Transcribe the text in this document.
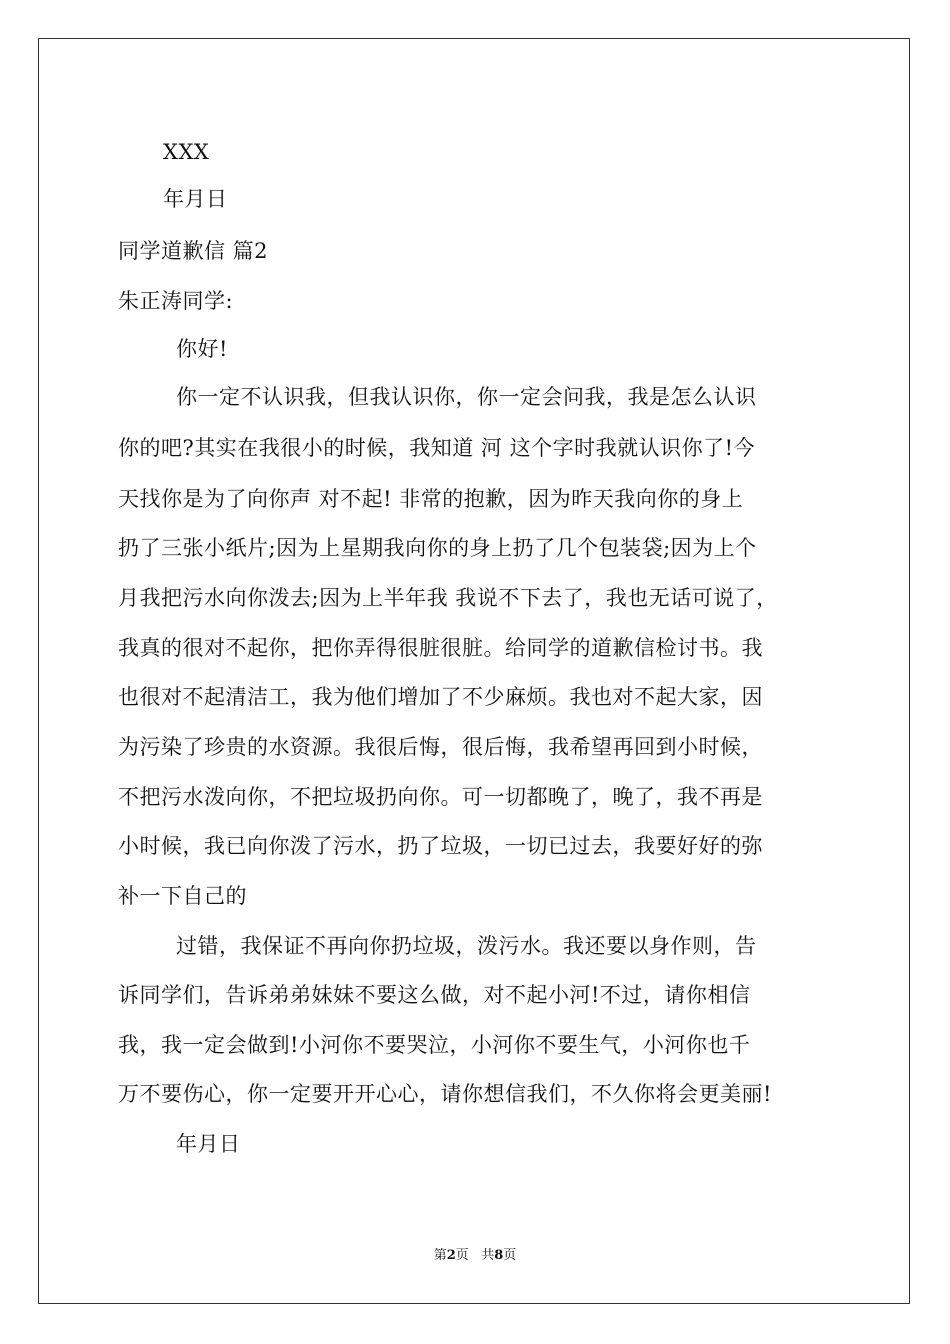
XXX
年月日
同学道歉信 篇2
朱正涛同学:
你好!
你一定不认识我，但我认识你，你一定会问我，我是怎么认识
你的吧?其实在我很小的时候，我知道 河 这个字时我就认识你了!今
天找你是为了向你声 对不起! 非常的抱歉，因为昨天我向你的身上
扔了三张小纸片;因为上星期我向你的身上扔了几个包装袋;因为上个
月我把污水向你泼去;因为上半年我 我说不下去了，我也无话可说了，
我真的很对不起你，把你弄得很脏很脏。给同学的道歉信检讨书。我
也很对不起清洁工，我为他们增加了不少麻烦。我也对不起大家，因
为污染了珍贵的水资源。我很后悔，很后悔，我希望再回到小时候，
不把污水泼向你，不把垃圾扔向你。可一切都晚了，晚了，我不再是
小时候，我已向你泼了污水，扔了垃圾，一切已过去，我要好好的弥
补一下自己的
过错，我保证不再向你扔垃圾，泼污水。我还要以身作则，告
诉同学们，告诉弟弟妹妹不要这么做，对不起小河!不过，请你相信
我，我一定会做到!小河你不要哭泣，小河你不要生气，小河你也千
万不要伤心，你一定要开开心心，请你想信我们，不久你将会更美丽!
年月日
第2页 共8页
